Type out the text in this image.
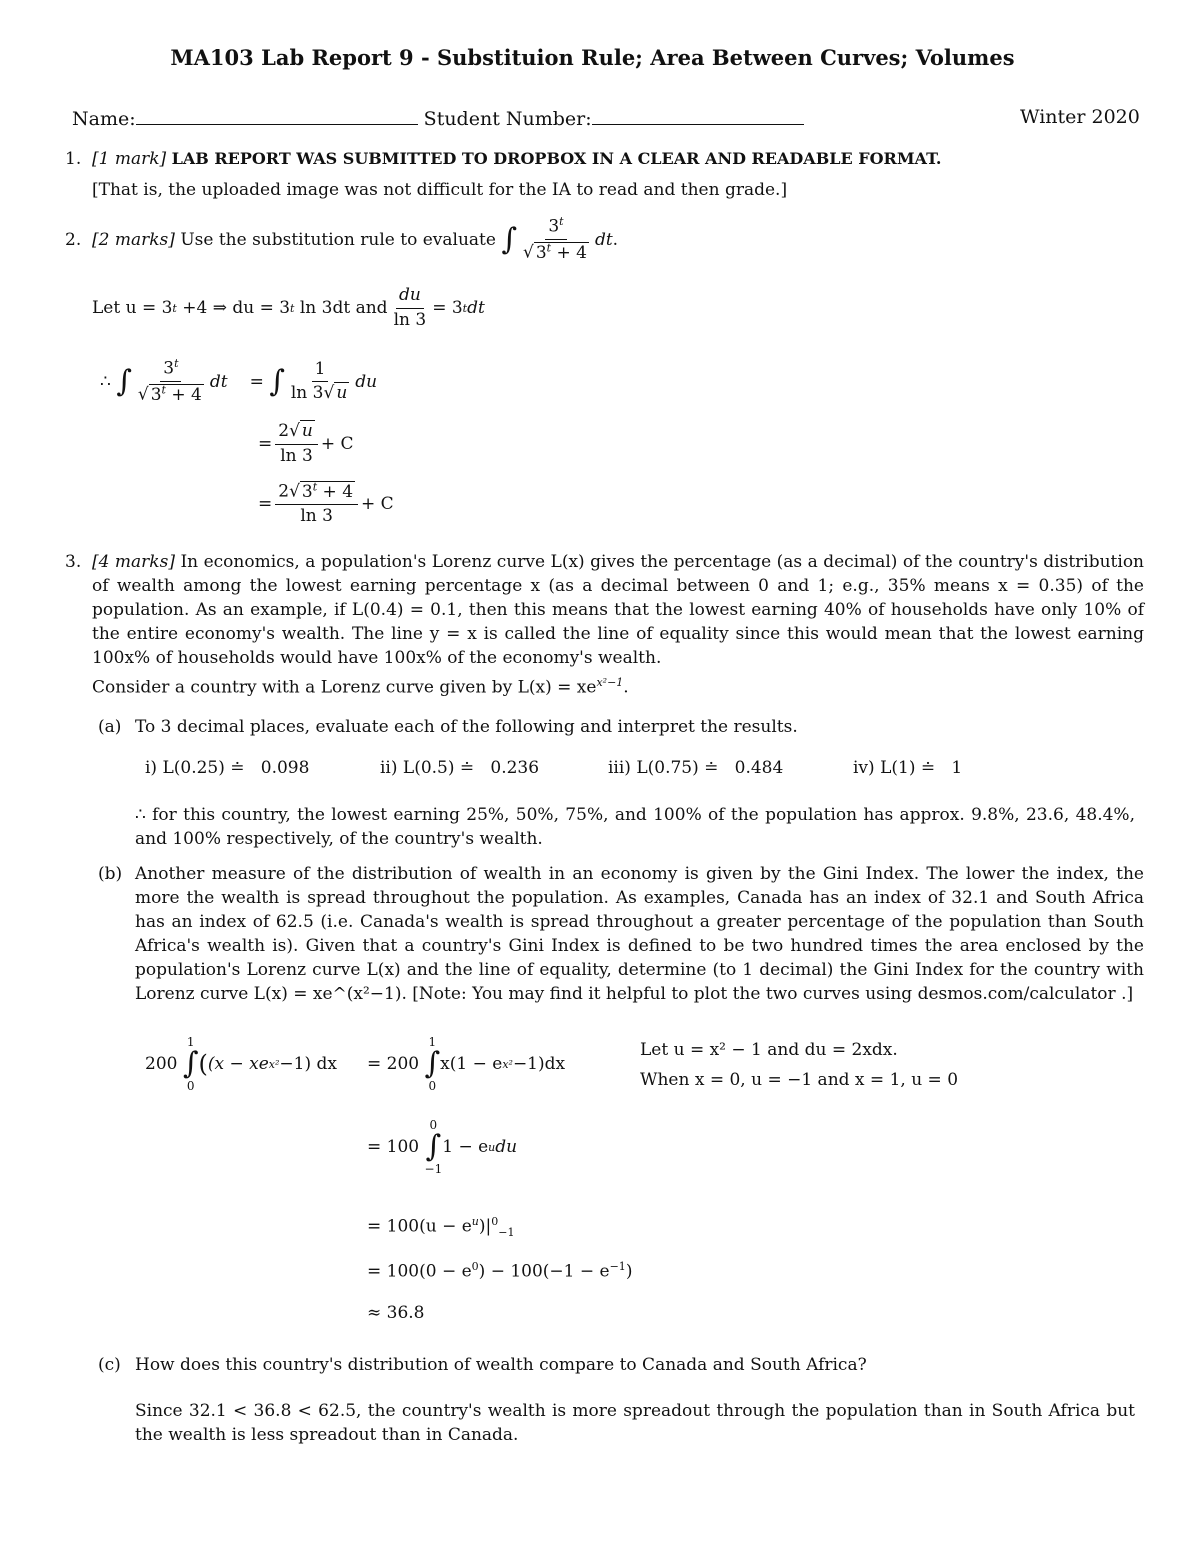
MA103 Lab Report 9 - Substituion Rule; Area Between Curves; Volumes
Name:	Student Number:	Winter 2020
1. [1 mark] LAB REPORT WAS SUBMITTED TO DROPBOX IN A CLEAR AND READABLE FORMAT.
[That is, the uploaded image was not difficult for the IA to read and then grade.]
2. [2 marks]
Use the substitution rule to evaluate
∫ $\frac{3^t}{√ 3^t + 4}$ dt .
Let u = 3 t
+4 ⇒ du = 3 t
ln 3dt and $\frac{du}{\ln 3} = 3$ t dt
∴
∫ $\frac{3^t}{√ 3^t + 4}$ dt =
∫ $\frac{1}{\ln 3√ u}$ du
= $\frac{2√ u}{\ln 3} + C$
= $\frac{2√ 3^t + 4}{\ln 3} + C$
3. [4 marks] In economics, a population's Lorenz curve L(x) gives the percentage (as a decimal) of the country's distribution of wealth among the lowest earning percentage x (as a decimal between 0 and 1; e.g., 35% means x = 0.35) of the population. As an example, if L(0.4) = 0.1, then this means that the lowest earning 40% of households have only 10% of the entire economy's wealth. The line y = x is called the line of equality since this would mean that the lowest earning 100x% of households would have 100x% of the economy's wealth.
Consider a country with a Lorenz curve given by $L(x) = xe^{x^2-1}$.
(a) To 3 decimal places, evaluate each of the following and interpret the results.
i) L(0.25) ≐ 0.098	ii) L(0.5) ≐ 0.236	iii) L(0.75) ≐ 0.484	iv) L(1) ≐ 1
∴ for this country, the lowest earning 25%, 50%, 75%, and 100% of the population has approx. 9.8%, 23.6, 48.4%, and 100% respectively, of the country's wealth.
(b) Another measure of the distribution of wealth in an economy is given by the Gini Index. The lower the index, the more the wealth is spread throughout the population. As examples, Canada has an index of 32.1 and South Africa has an index of 62.5 (i.e. Canada's wealth is spread throughout a greater percentage of the population than South Africa's wealth is). Given that a country's Gini Index is defined to be two hundred times the area enclosed by the population's Lorenz curve L(x) and the line of equality, determine (to 1 decimal) the Gini Index for the country with Lorenz curve L(x) = xe^(x²−1). [Note: You may find it helpful to plot the two curves using desmos.com/calculator .]
200

1
∫
0
( (x − xe x² −1) dx = 200

1
∫
0
x(1 − e x² −1)dx
Let u = x² − 1 and du = 2xdx.
When x = 0, u = −1 and x = 1, u = 0
= 100

0
∫
−1
1 − e u du
= $100(u - e^u)|^0_{-1}$
= $100(0 - e^0) - 100(-1 - e^{-1})$
≈ 36.8
(c) How does this country's distribution of wealth compare to Canada and South Africa?
Since 32.1 < 36.8 < 62.5, the country's wealth is more spreadout through the population than in South Africa but the wealth is less spreadout than in Canada.
